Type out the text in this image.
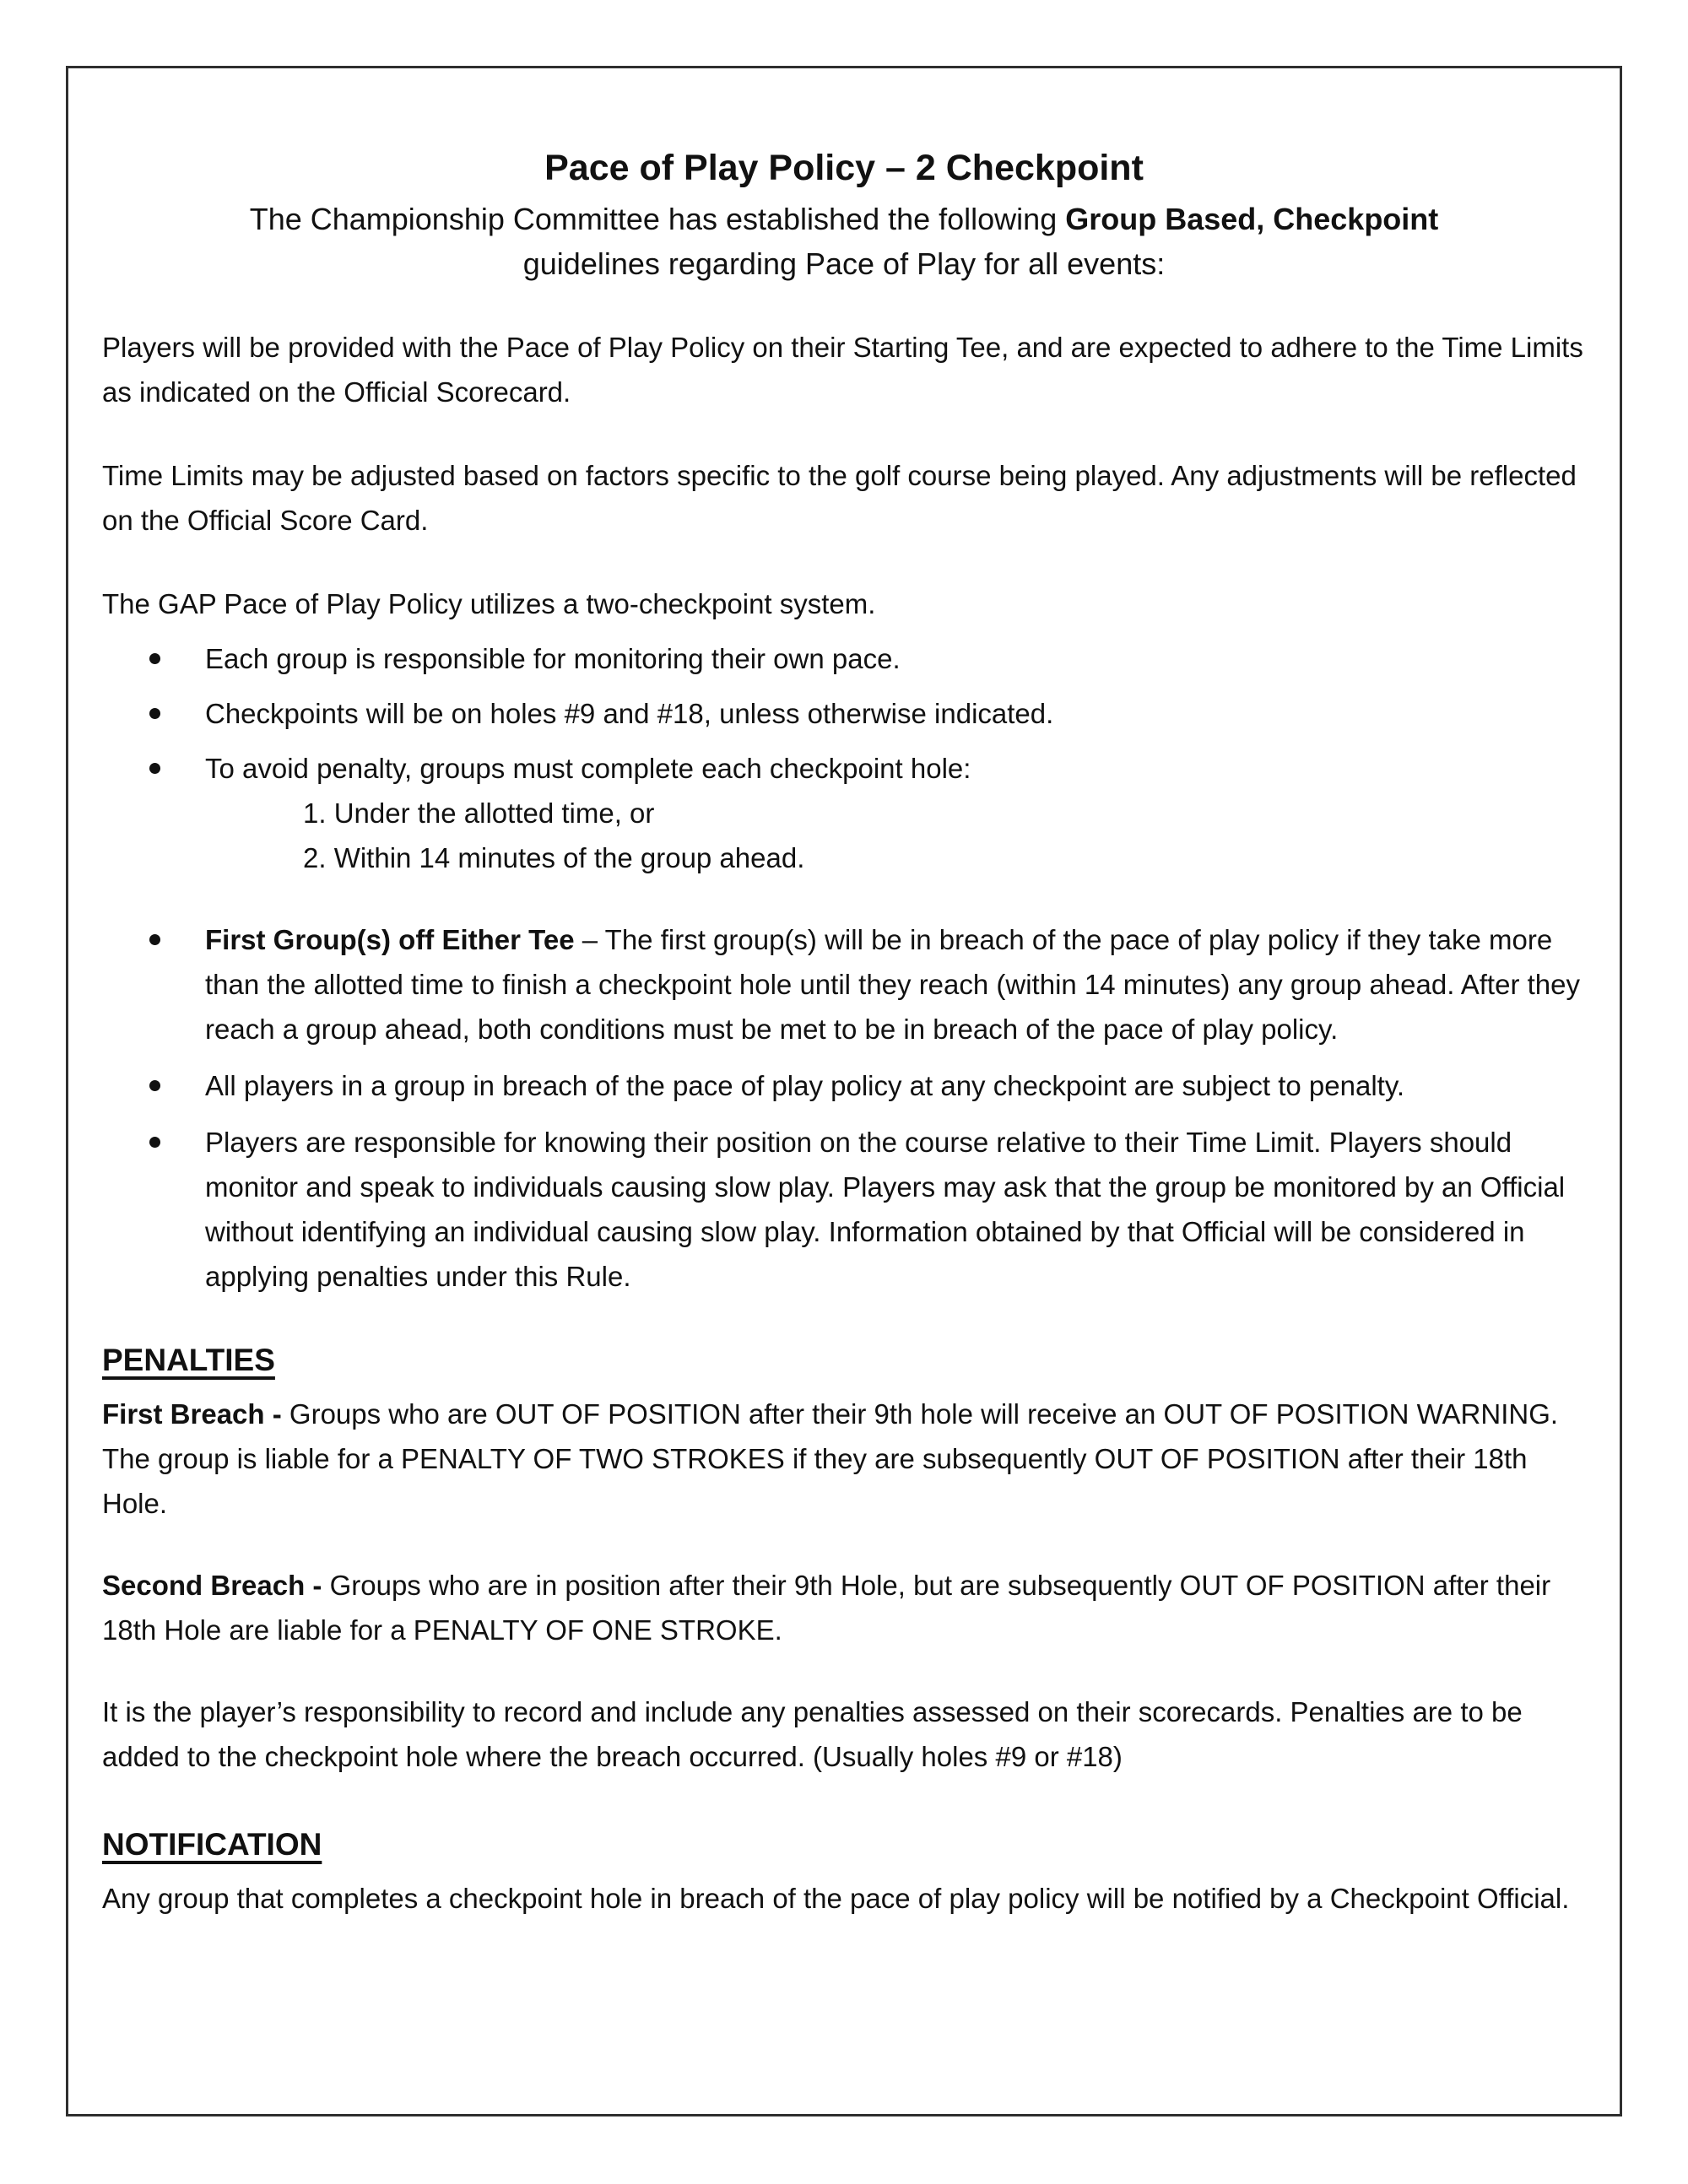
Pace of Play Policy – 2 Checkpoint

The Championship Committee has established the following Group Based, Checkpoint
guidelines regarding Pace of Play for all events:

Players will be provided with the Pace of Play Policy on their Starting Tee, and are expected to adhere to the Time Limits as indicated on the Official Scorecard.

Time Limits may be adjusted based on factors specific to the golf course being played. Any adjustments will be reflected on the Official Score Card.

The GAP Pace of Play Policy utilizes a two-checkpoint system.

Each group is responsible for monitoring their own pace.
Checkpoints will be on holes #9 and #18, unless otherwise indicated.
To avoid penalty, groups must complete each checkpoint hole:
1. Under the allotted time, or
2. Within 14 minutes of the group ahead.
First Group(s) off Either Tee – The first group(s) will be in breach of the pace of play policy if they take more than the allotted time to finish a checkpoint hole until they reach (within 14 minutes) any group ahead. After they reach a group ahead, both conditions must be met to be in breach of the pace of play policy.
All players in a group in breach of the pace of play policy at any checkpoint are subject to penalty.
Players are responsible for knowing their position on the course relative to their Time Limit. Players should monitor and speak to individuals causing slow play. Players may ask that the group be monitored by an Official without identifying an individual causing slow play. Information obtained by that Official will be considered in applying penalties under this Rule.
PENALTIES

First Breach - Groups who are OUT OF POSITION after their 9th hole will receive an OUT OF POSITION WARNING. The group is liable for a PENALTY OF TWO STROKES if they are subsequently OUT OF POSITION after their 18th Hole.

Second Breach - Groups who are in position after their 9th Hole, but are subsequently OUT OF POSITION after their 18th Hole are liable for a PENALTY OF ONE STROKE.

It is the player’s responsibility to record and include any penalties assessed on their scorecards. Penalties are to be added to the checkpoint hole where the breach occurred. (Usually holes #9 or #18)

NOTIFICATION

Any group that completes a checkpoint hole in breach of the pace of play policy will be notified by a Checkpoint Official.
